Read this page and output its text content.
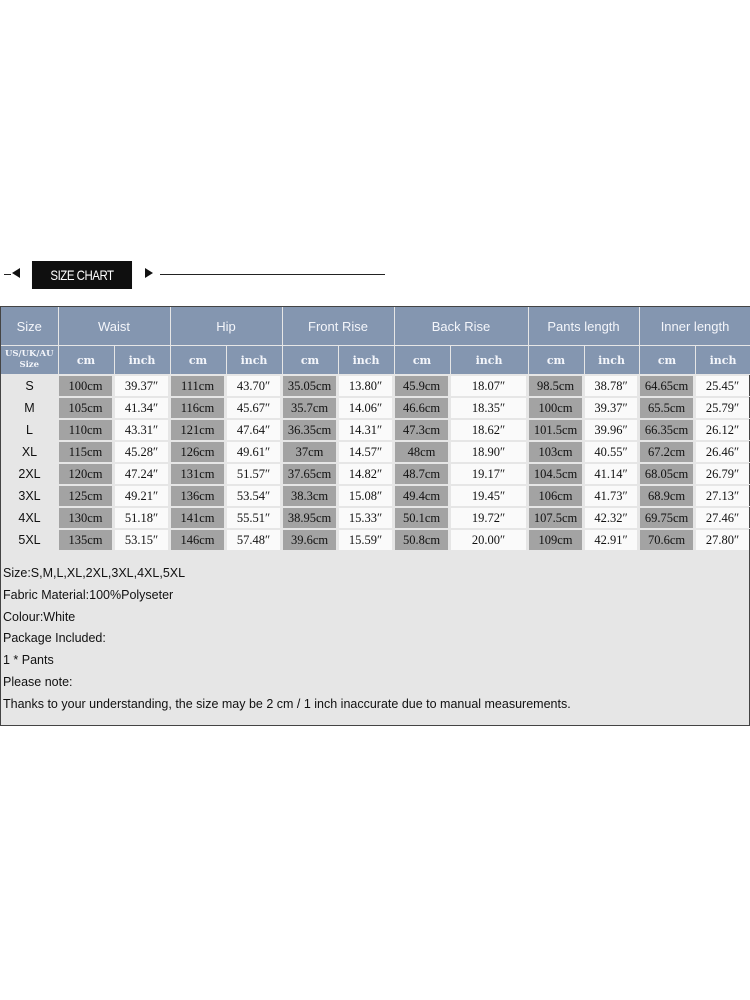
SIZE CHART
Size	Waist		Hip		Front Rise		Back Rise		Pants length		Inner length	
US/UK/AU
Size	cm	inch	cm	inch	cm	inch	cm	inch	cm	inch	cm	inch
S	100cm	39.37″	111cm	43.70″	35.05cm	13.80″	45.9cm	18.07″	98.5cm	38.78″	64.65cm	25.45″

M	105cm	41.34″	116cm	45.67″	35.7cm	14.06″	46.6cm	18.35″	100cm	39.37″	65.5cm	25.79″

L	110cm	43.31″	121cm	47.64″	36.35cm	14.31″	47.3cm	18.62″	101.5cm	39.96″	66.35cm	26.12″

XL	115cm	45.28″	126cm	49.61″	37cm	14.57″	48cm	18.90″	103cm	40.55″	67.2cm	26.46″

2XL	120cm	47.24″	131cm	51.57″	37.65cm	14.82″	48.7cm	19.17″	104.5cm	41.14″	68.05cm	26.79″

3XL	125cm	49.21″	136cm	53.54″	38.3cm	15.08″	49.4cm	19.45″	106cm	41.73″	68.9cm	27.13″

4XL	130cm	51.18″	141cm	55.51″	38.95cm	15.33″	50.1cm	19.72″	107.5cm	42.32″	69.75cm	27.46″

5XL	135cm	53.15″	146cm	57.48″	39.6cm	15.59″	50.8cm	20.00″	109cm	42.91″	70.6cm	27.80″
Size:S,M,L,XL,2XL,3XL,4XL,5XL
Fabric Material:100%Polyseter
Colour:White
Package Included:
1 * Pants
Please note:
Thanks to your understanding, the size may be 2 cm / 1 inch inaccurate due to manual measurements.
